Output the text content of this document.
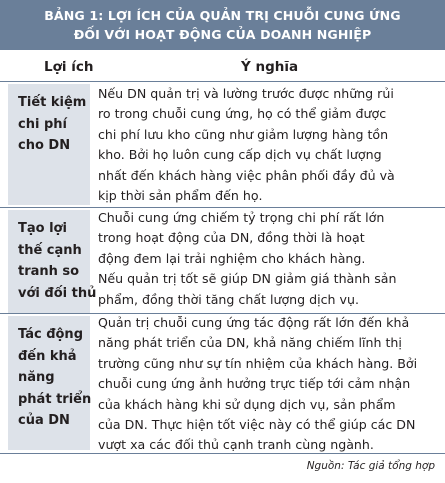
BẢNG 1: LỢI ÍCH CỦA QUẢN TRỊ CHUỖI CUNG ỨNG
ĐỐI VỚI HOẠT ĐỘNG CỦA DOANH NGHIỆP
Lợi ích	Ý nghĩa
Tiết kiệm
chi phí
cho DN
Nếu DN quản trị và lường trước được những rủi
ro trong chuỗi cung ứng, họ có thể giảm được
chi phí lưu kho cũng như giảm lượng hàng tồn
kho. Bởi họ luôn cung cấp dịch vụ chất lượng
nhất đến khách hàng việc phân phối đầy đủ và
kịp thời sản phẩm đến họ.
Tạo lợi
thế cạnh
tranh so
với đối thủ
Chuỗi cung ứng chiếm tỷ trọng chi phí rất lớn
trong hoạt động của DN, đồng thời là hoạt
động đem lại trải nghiệm cho khách hàng.
Nếu quản trị tốt sẽ giúp DN giảm giá thành sản
phẩm, đồng thời tăng chất lượng dịch vụ.
Tác động
đến khả
năng
phát triển
của DN
Quản trị chuỗi cung ứng tác động rất lớn đến khả
năng phát triển của DN, khả năng chiếm lĩnh thị
trường cũng như sự tín nhiệm của khách hàng. Bởi
chuỗi cung ứng ảnh hưởng trực tiếp tới cảm nhận
của khách hàng khi sử dụng dịch vụ, sản phẩm
của DN. Thực hiện tốt việc này có thể giúp các DN
vượt xa các đối thủ cạnh tranh cùng ngành.
Nguồn: Tác giả tổng hợp
